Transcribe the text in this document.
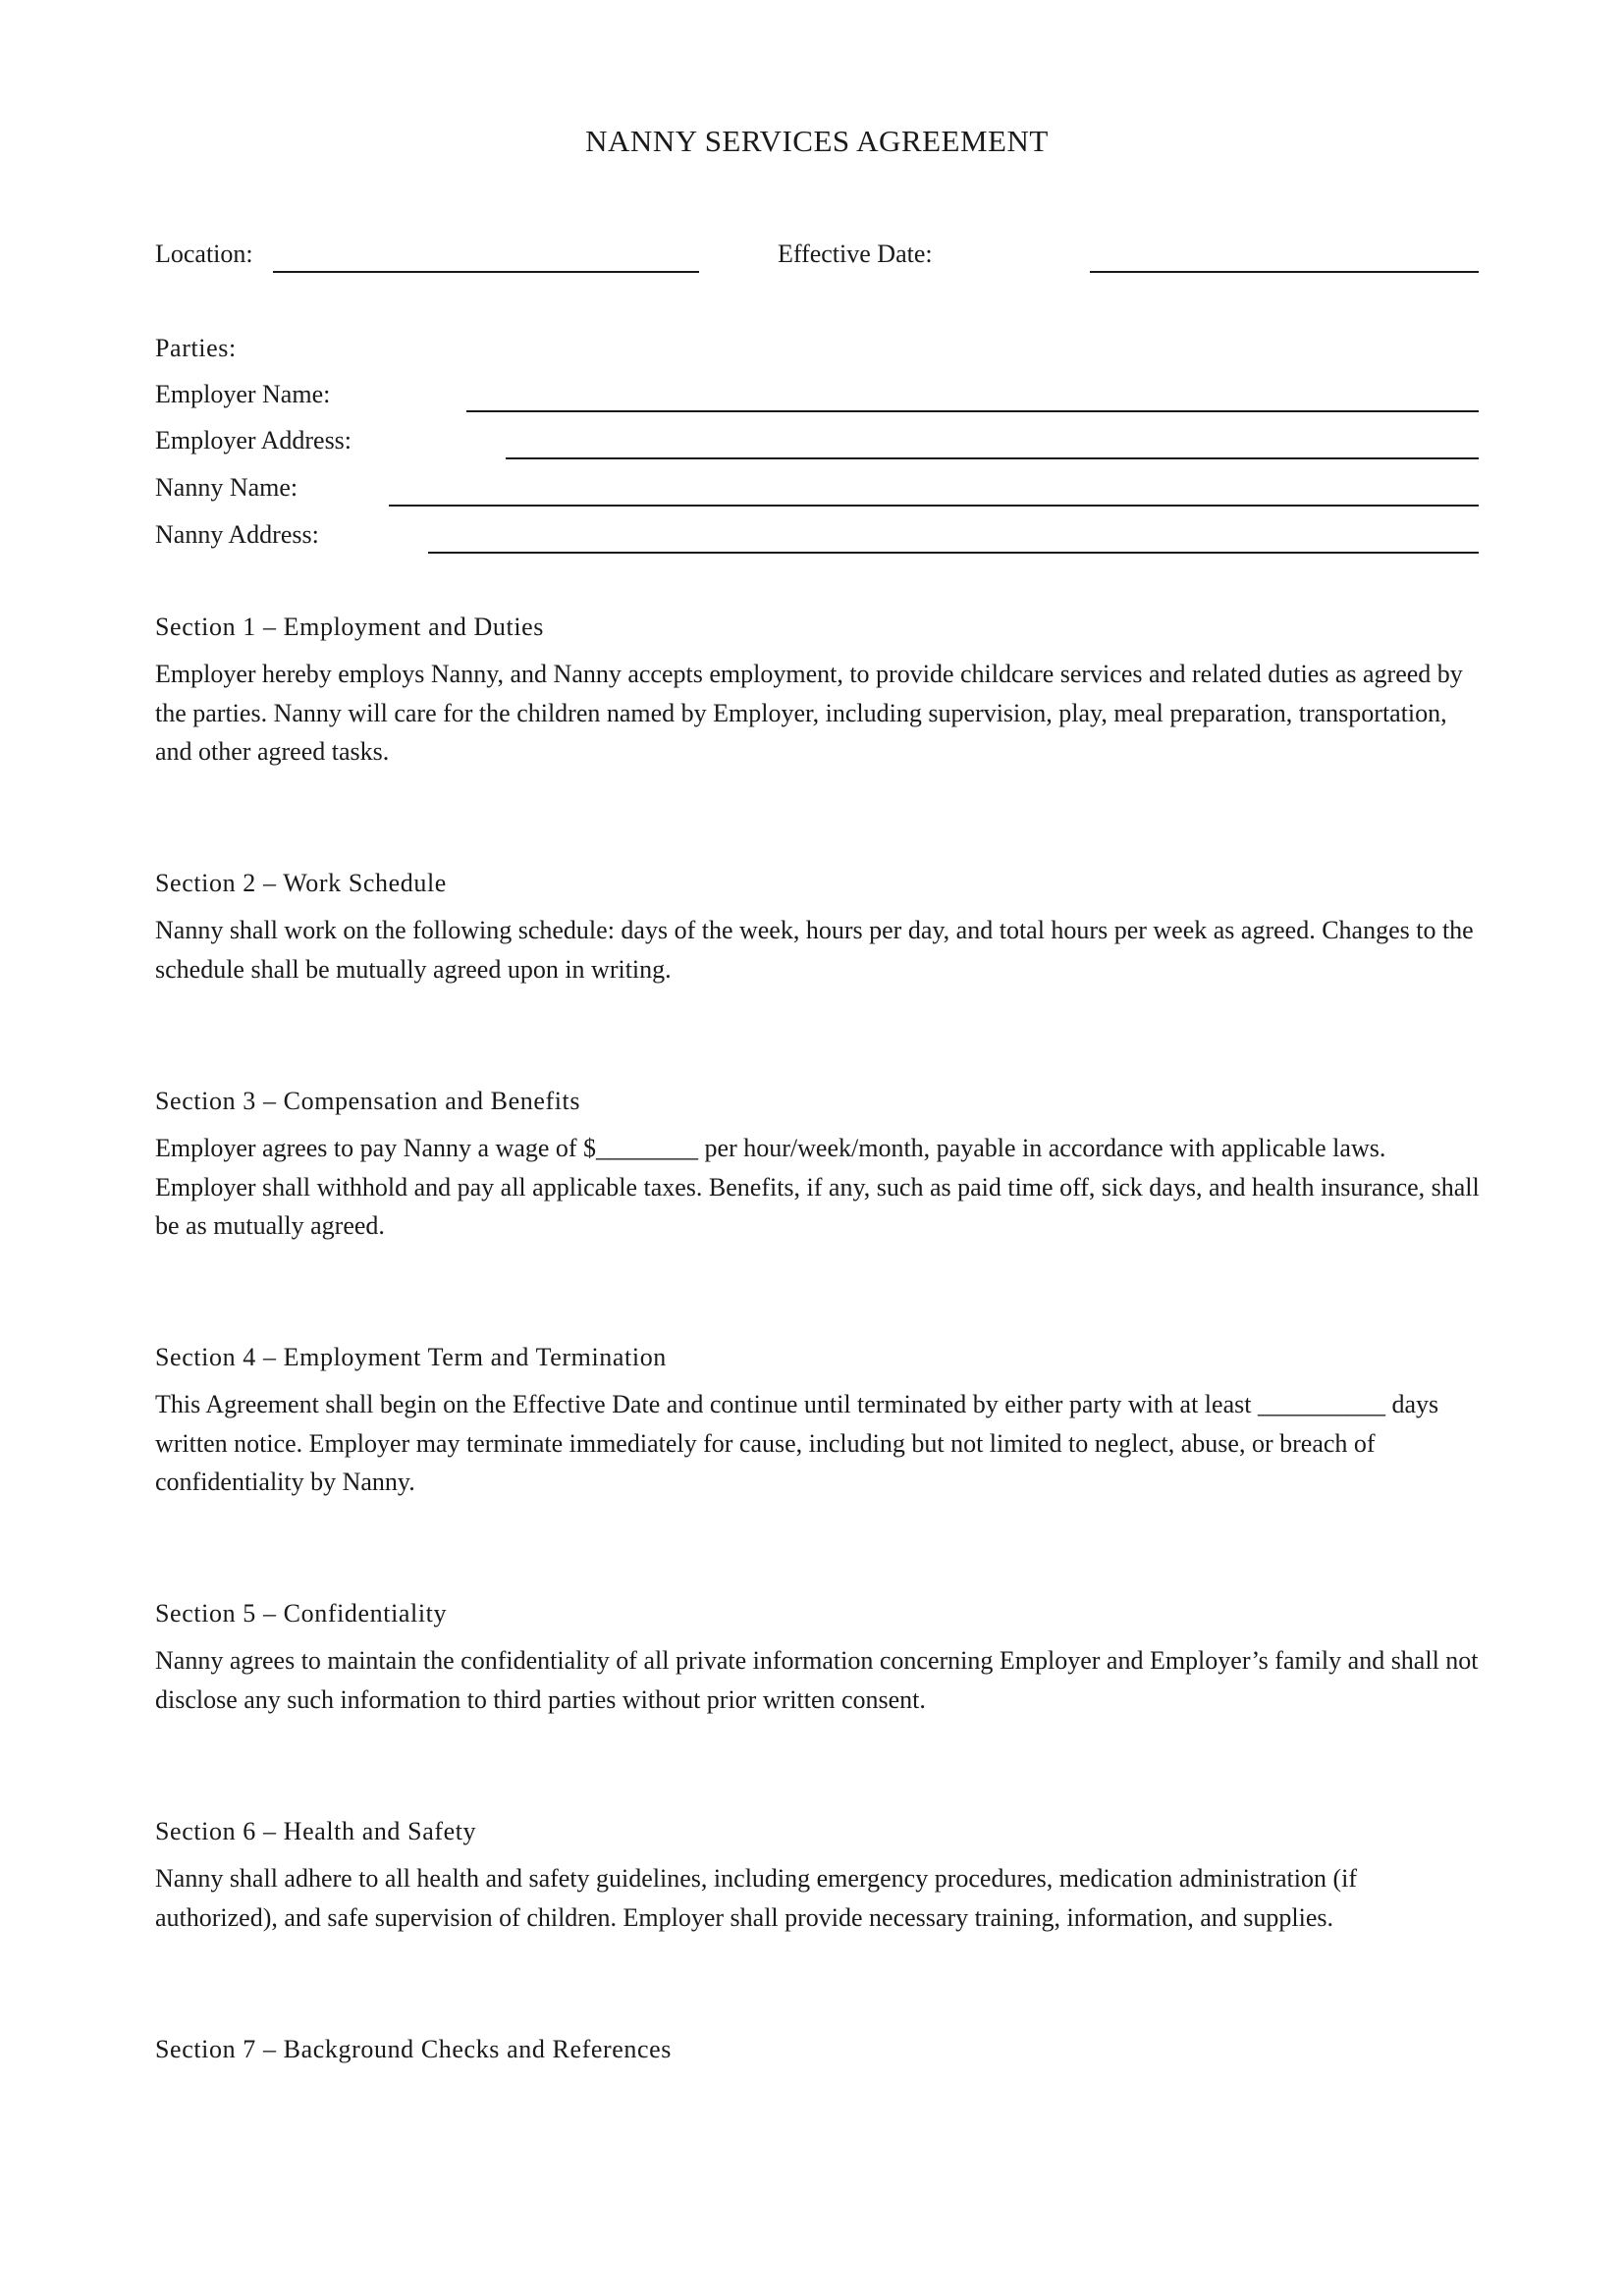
NANNY SERVICES AGREEMENT
Location:	Effective Date:
Parties:
Employer Name:
Employer Address:
Nanny Name:
Nanny Address:
Section 1 – Employment and Duties

Employer hereby employs Nanny, and Nanny accepts employment, to provide childcare services and related duties as agreed by the parties. Nanny will care for the children named by Employer, including supervision, play, meal preparation, transportation, and other agreed tasks.

Section 2 – Work Schedule

Nanny shall work on the following schedule: days of the week, hours per day, and total hours per week as agreed. Changes to the schedule shall be mutually agreed upon in writing.

Section 3 – Compensation and Benefits

Employer agrees to pay Nanny a wage of $________ per hour/week/month, payable in accordance with applicable laws. Employer shall withhold and pay all applicable taxes. Benefits, if any, such as paid time off, sick days, and health insurance, shall be as mutually agreed.

Section 4 – Employment Term and Termination

This Agreement shall begin on the Effective Date and continue until terminated by either party with at least __________ days written notice. Employer may terminate immediately for cause, including but not limited to neglect, abuse, or breach of confidentiality by Nanny.

Section 5 – Confidentiality

Nanny agrees to maintain the confidentiality of all private information concerning Employer and Employer’s family and shall not disclose any such information to third parties without prior written consent.

Section 6 – Health and Safety

Nanny shall adhere to all health and safety guidelines, including emergency procedures, medication administration (if authorized), and safe supervision of children. Employer shall provide necessary training, information, and supplies.

Section 7 – Background Checks and References
